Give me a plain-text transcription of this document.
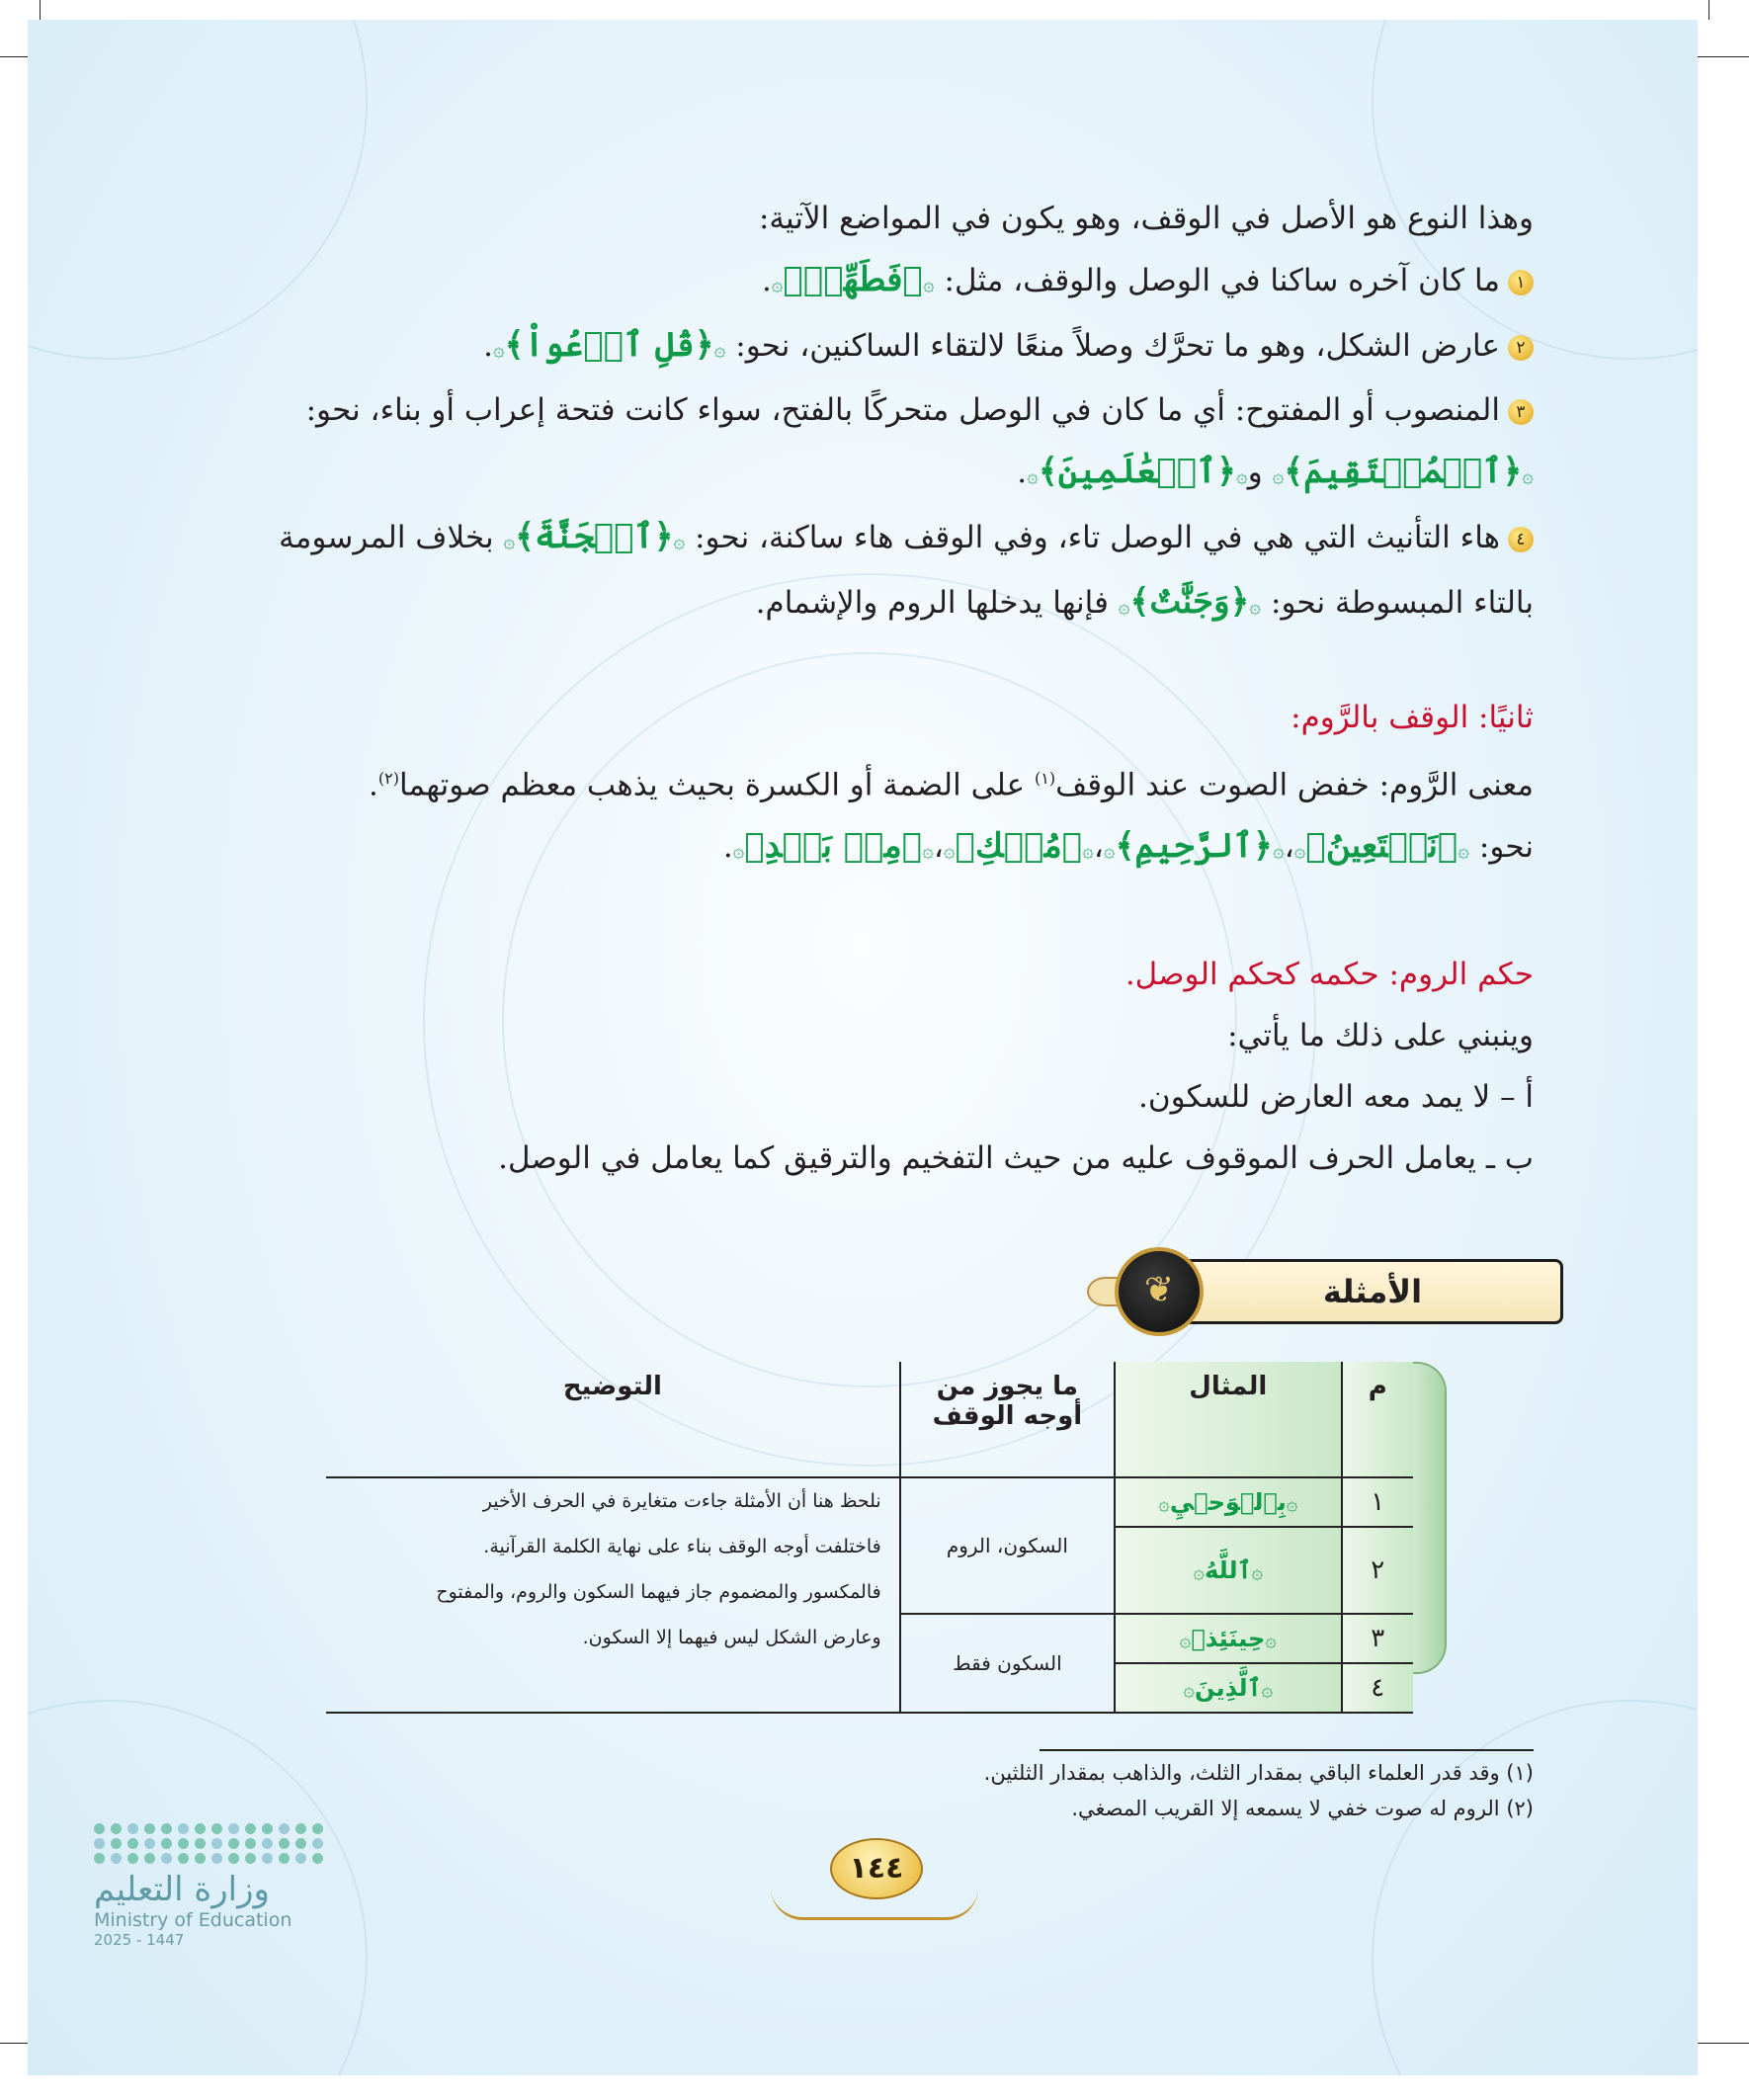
وهذا النوع هو الأصل في الوقف، وهو يكون في المواضع الآتية:
١ما كان آخره ساكنا في الوصل والوقف، مثل: ۞﴿فَطَهِّرۡ﴾۞.
٢عارض الشكل، وهو ما تحرَّك وصلاً منعًا لالتقاء الساكنين، نحو: ۞﴿قُلِ ٱدۡعُواْ﴾۞.
٣المنصوب أو المفتوح: أي ما كان في الوصل متحركًا بالفتح، سواء كانت فتحة إعراب أو بناء، نحو:
۞﴿ٱلۡمُسۡتَقِيمَ﴾۞ و۞﴿ٱلۡعَٰلَمِينَ﴾۞.
٤هاء التأنيث التي هي في الوصل تاء، وفي الوقف هاء ساكنة، نحو: ۞﴿ٱلۡجَنَّةَ﴾۞ بخلاف المرسومة
بالتاء المبسوطة نحو: ۞﴿وَجَنَّٰتٌ﴾۞ فإنها يدخلها الروم والإشمام.
ثانيًا: الوقف بالرَّوم:
معنى الرَّوم: خفض الصوت عند الوقف$^{(١)}$ على الضمة أو الكسرة بحيث يذهب معظم صوتهما$^{(٢)}$.
نحو: ۞﴿نَسۡتَعِينُ﴾۞،۞﴿ٱلرَّحِيمِ﴾۞،۞﴿مُلۡكِ﴾۞،۞﴿مِنۢ بَعۡدِ﴾۞.
حكم الروم: حكمه كحكم الوصل.
وينبني على ذلك ما يأتي:
أ – لا يمد معه العارض للسكون.
ب ـ يعامل الحرف الموقوف عليه من حيث التفخيم والترقيق كما يعامل في الوصل.
الأمثلة
❦
م	المثال	ما يجوز من أوجه الوقف	التوضيح
١	۞بِٱلۡوَحۡيِ۞	السكون، الروم	نلحظ هنا أن الأمثلة جاءت متغايرة في الحرف الأخير
فاختلفت أوجه الوقف بناء على نهاية الكلمة القرآنية.
فالمكسور والمضموم جاز فيهما السكون والروم، والمفتوح
وعارض الشكل ليس فيهما إلا السكون.

٢	۞ٱللَّهُ۞		
٣	۞حِينَئِذٖ۞	السكون فقط	
٤	۞ٱلَّذِينَ۞		
(١) وقد قدر العلماء الباقي بمقدار الثلث، والذاهب بمقدار الثلثين.
(٢) الروم له صوت خفي لا يسمعه إلا القريب المصغي.
١٤٤
وزارة التعليم
Ministry of Education
2025 - 1447
